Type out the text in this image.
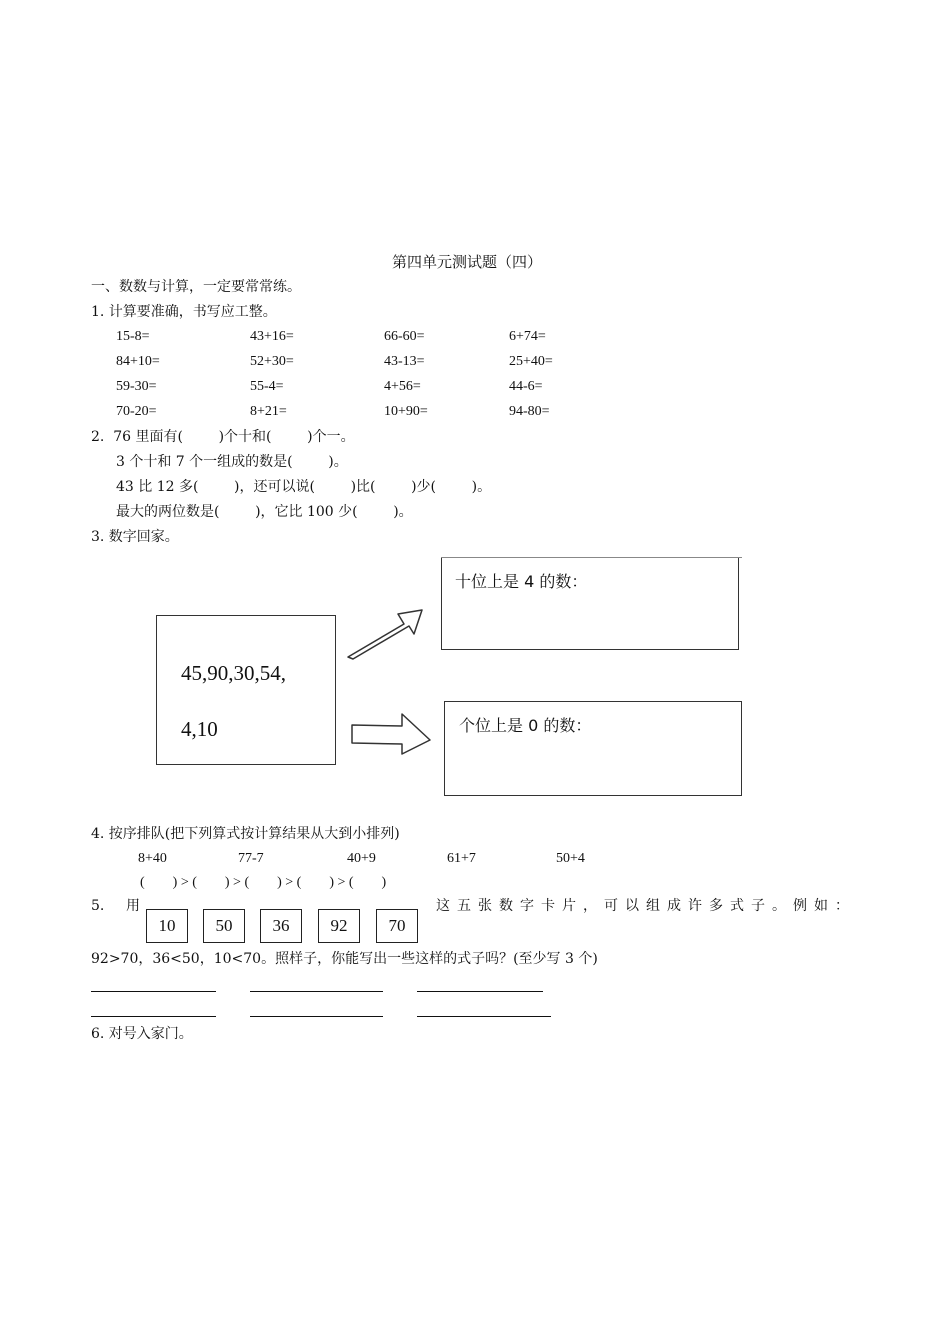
第四单元测试题（四）
一、数数与计算，一定要常常练。
1. 计算要准确，书写应工整。
15-8=	43+16=	66-60=	6+74=
84+10=	52+30=	43-13=	25+40=
59-30=	55-4=	4+56=	44-6=
70-20=	8+21=	10+90=	94-80=
2.  76 里面有(        )个十和(        )个一。
3 个十和 7 个一组成的数是(        )。
43 比 12 多(        )，还可以说(        )比(        )少(        )。
最大的两位数是(        )，它比 100 少(        )。
3. 数字回家。
45,90,30,54,
4,10
十位上是 4 的数：
个位上是 0 的数：
4. 按序排队(把下列算式按计算结果从大到小排列)
8+40	77-7	40+9	61+7	50+4
(        ) > (        ) > (        ) > (        ) > (        )
5. 用
10	50	36	92	70
这五张数字卡片，可以组成许多式子。例如：
92>70，36<50，10<70。照样子，你能写出一些这样的式子吗？(至少写 3 个)
6. 对号入家门。
